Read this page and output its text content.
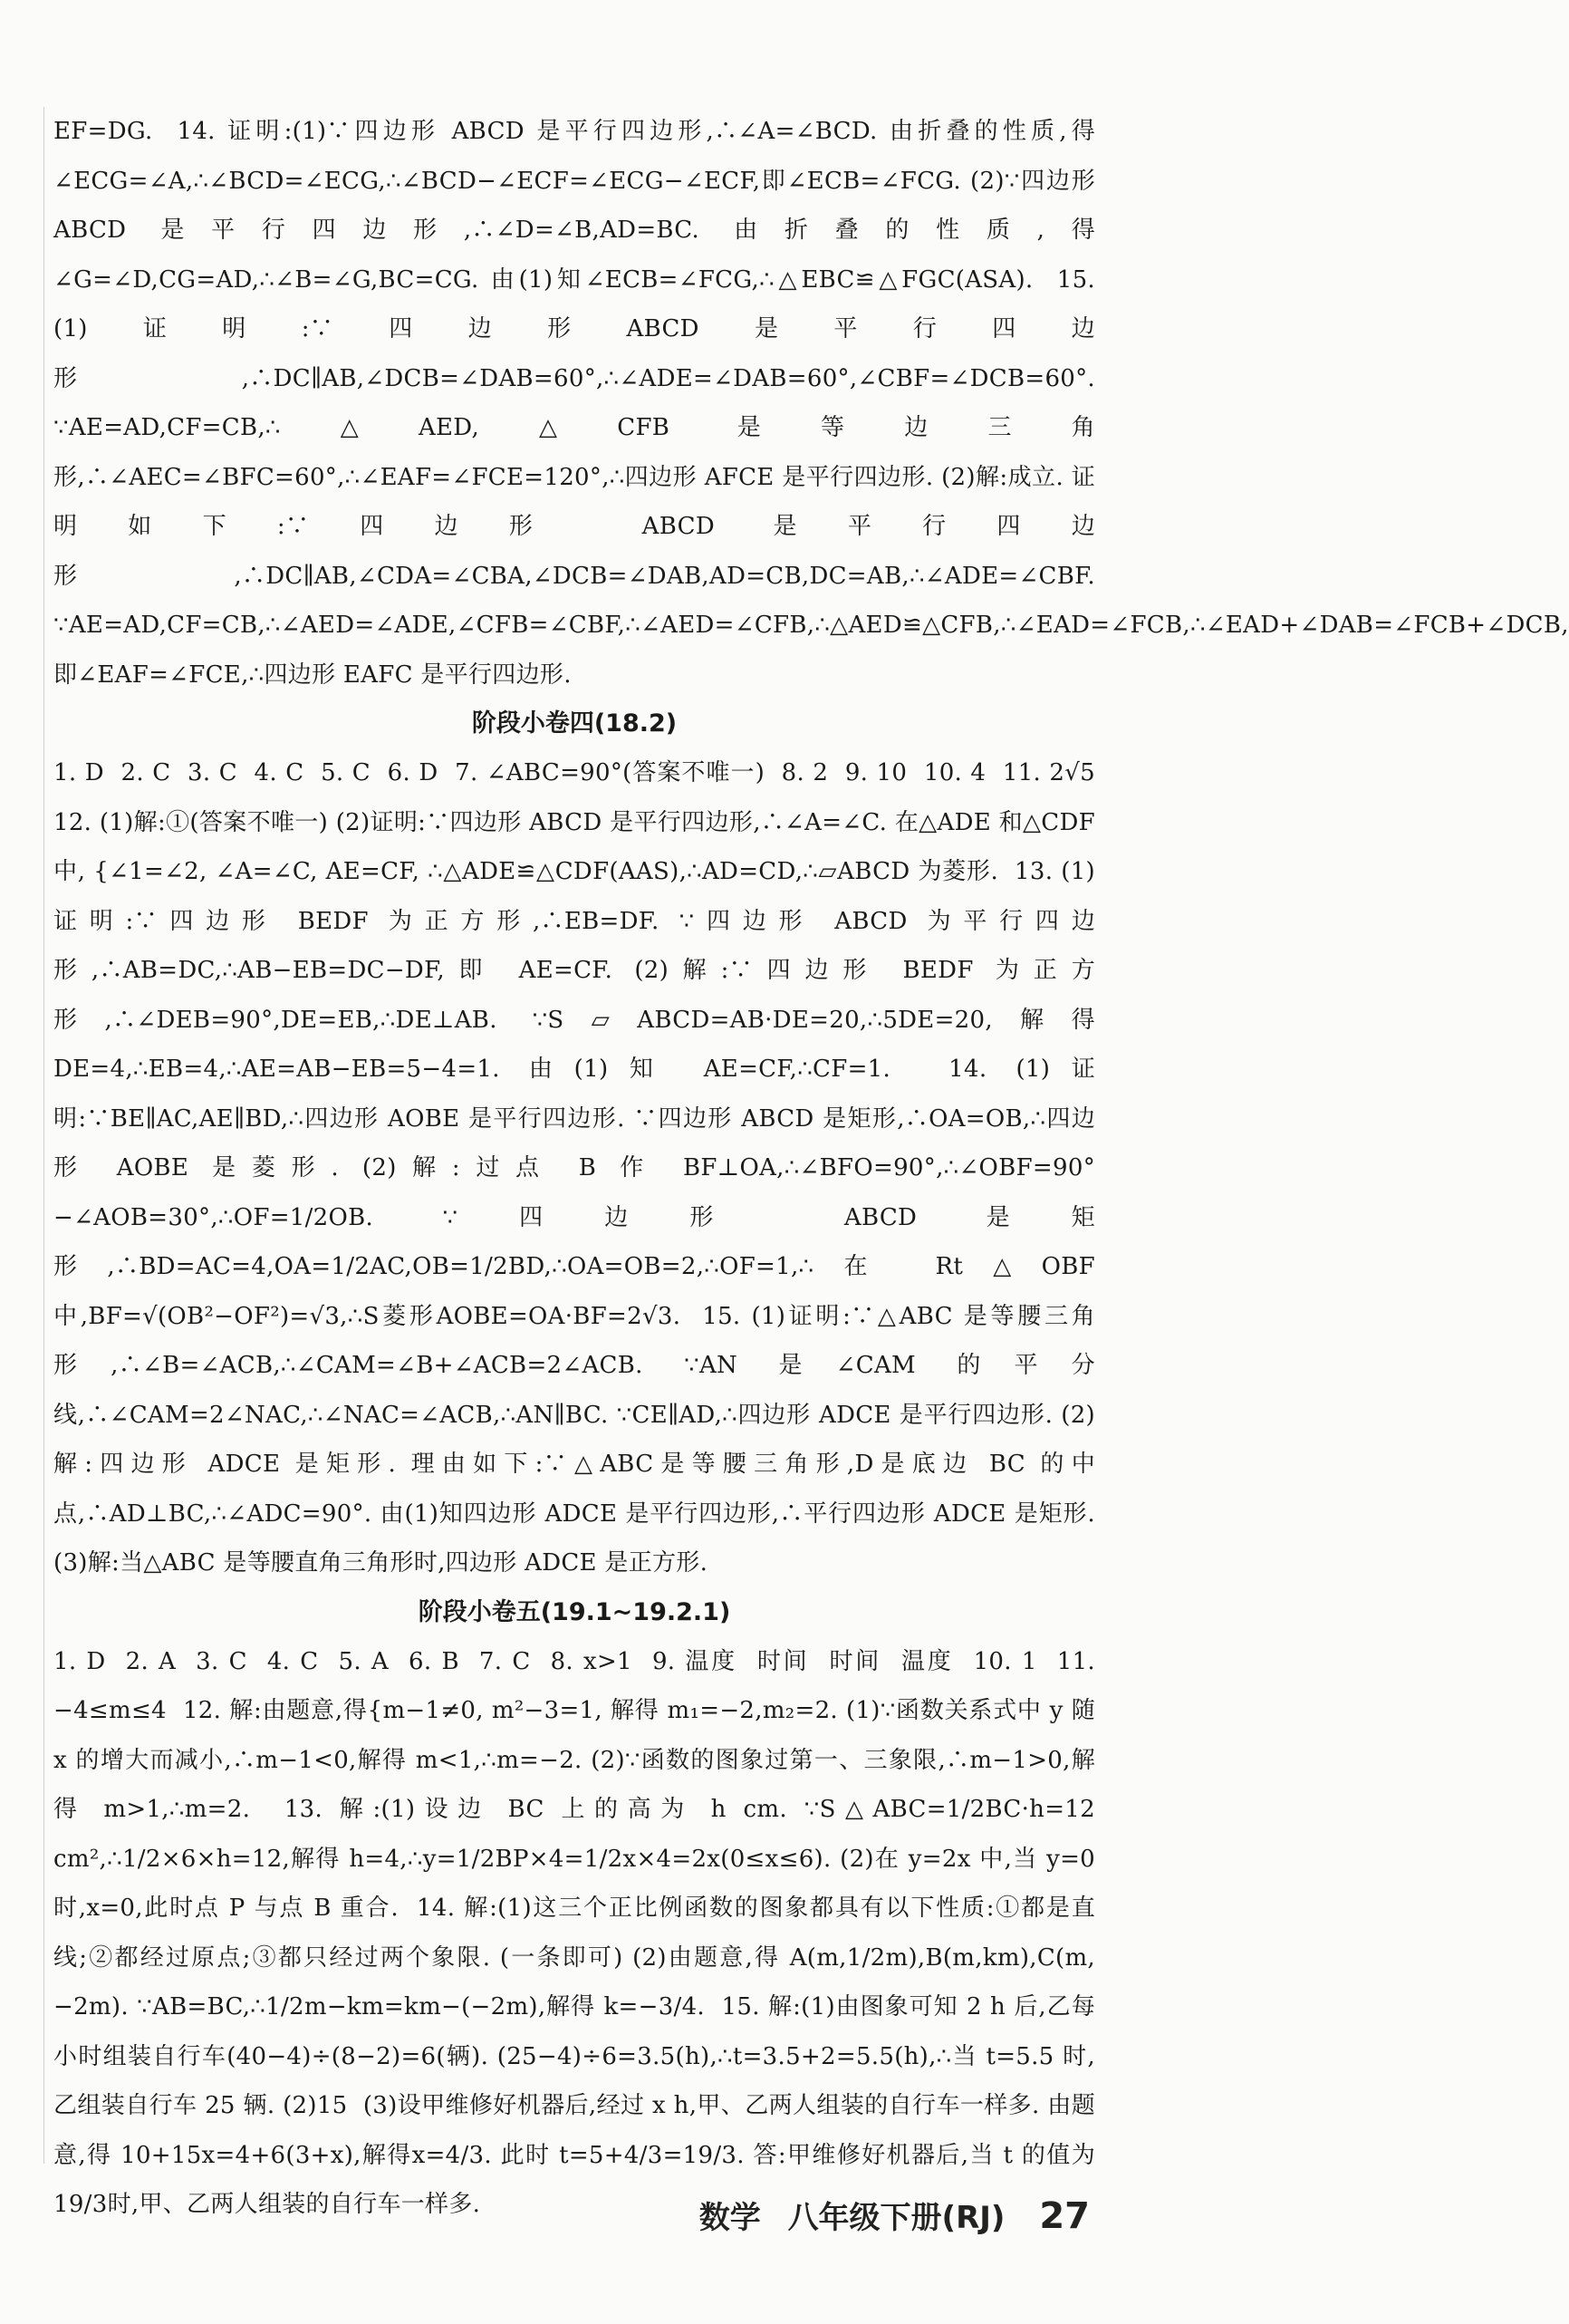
EF=DG.  14. 证明:(1)∵四边形 ABCD 是平行四边形,∴∠A=∠BCD. 由折叠的性质,得∠ECG=∠A,∴∠BCD=∠ECG,∴∠BCD−∠ECF=∠ECG−∠ECF,即∠ECB=∠FCG. (2)∵四边形 ABCD 是平行四边形,∴∠D=∠B,AD=BC. 由折叠的性质,得∠G=∠D,CG=AD,∴∠B=∠G,BC=CG. 由(1)知∠ECB=∠FCG,∴△EBC≌△FGC(ASA).  15. (1)证明:∵四边形ABCD是平行四边形,∴DC∥AB,∠DCB=∠DAB=60°,∴∠ADE=∠DAB=60°,∠CBF=∠DCB=60°. ∵AE=AD,CF=CB,∴△AED,△CFB 是等边三角形,∴∠AEC=∠BFC=60°,∴∠EAF=∠FCE=120°,∴四边形 AFCE 是平行四边形. (2)解:成立. 证明如下:∵四边形 ABCD 是平行四边形,∴DC∥AB,∠CDA=∠CBA,∠DCB=∠DAB,AD=CB,DC=AB,∴∠ADE=∠CBF. ∵AE=AD,CF=CB,∴∠AED=∠ADE,∠CFB=∠CBF,∴∠AED=∠CFB,∴△AED≌△CFB,∴∠EAD=∠FCB,∴∠EAD+∠DAB=∠FCB+∠DCB,即∠EAF=∠FCE,∴四边形 EAFC 是平行四边形.

阶段小卷四(18.2)

1. D  2. C  3. C  4. C  5. C  6. D  7. ∠ABC=90°(答案不唯一)  8. 2  9. 10  10. 4  11. 2√5  12. (1)解:①(答案不唯一) (2)证明:∵四边形 ABCD 是平行四边形,∴∠A=∠C. 在△ADE 和△CDF 中, {∠1=∠2, ∠A=∠C, AE=CF, ∴△ADE≌△CDF(AAS),∴AD=CD,∴▱ABCD 为菱形.  13. (1)证明:∵四边形 BEDF 为正方形,∴EB=DF. ∵四边形 ABCD 为平行四边形,∴AB=DC,∴AB−EB=DC−DF,即 AE=CF. (2)解:∵四边形 BEDF 为正方形,∴∠DEB=90°,DE=EB,∴DE⊥AB. ∵S▱ABCD=AB·DE=20,∴5DE=20,解得 DE=4,∴EB=4,∴AE=AB−EB=5−4=1. 由(1)知 AE=CF,∴CF=1.  14. (1)证明:∵BE∥AC,AE∥BD,∴四边形 AOBE 是平行四边形. ∵四边形 ABCD 是矩形,∴OA=OB,∴四边形 AOBE 是菱形. (2)解:过点 B 作 BF⊥OA,∴∠BFO=90°,∴∠OBF=90°−∠AOB=30°,∴OF=1/2OB. ∵四边形 ABCD 是矩形,∴BD=AC=4,OA=1/2AC,OB=1/2BD,∴OA=OB=2,∴OF=1,∴在 Rt△OBF 中,BF=√(OB²−OF²)=√3,∴S菱形AOBE=OA·BF=2√3.  15. (1)证明:∵△ABC 是等腰三角形,∴∠B=∠ACB,∴∠CAM=∠B+∠ACB=2∠ACB. ∵AN 是∠CAM 的平分线,∴∠CAM=2∠NAC,∴∠NAC=∠ACB,∴AN∥BC. ∵CE∥AD,∴四边形 ADCE 是平行四边形. (2)解:四边形 ADCE 是矩形. 理由如下:∵△ABC是等腰三角形,D是底边 BC 的中点,∴AD⊥BC,∴∠ADC=90°. 由(1)知四边形 ADCE 是平行四边形,∴平行四边形 ADCE 是矩形. (3)解:当△ABC 是等腰直角三角形时,四边形 ADCE 是正方形.

阶段小卷五(19.1~19.2.1)

1. D  2. A  3. C  4. C  5. A  6. B  7. C  8. x>1  9. 温度  时间  时间  温度  10. 1  11. −4≤m≤4  12. 解:由题意,得{m−1≠0, m²−3=1, 解得 m₁=−2,m₂=2. (1)∵函数关系式中 y 随 x 的增大而减小,∴m−1<0,解得 m<1,∴m=−2. (2)∵函数的图象过第一、三象限,∴m−1>0,解得 m>1,∴m=2.  13. 解:(1)设边 BC 上的高为 h cm. ∵S△ABC=1/2BC·h=12 cm²,∴1/2×6×h=12,解得 h=4,∴y=1/2BP×4=1/2x×4=2x(0≤x≤6). (2)在 y=2x 中,当 y=0 时,x=0,此时点 P 与点 B 重合.  14. 解:(1)这三个正比例函数的图象都具有以下性质:①都是直线;②都经过原点;③都只经过两个象限. (一条即可) (2)由题意,得 A(m,1/2m),B(m,km),C(m,−2m). ∵AB=BC,∴1/2m−km=km−(−2m),解得 k=−3/4.  15. 解:(1)由图象可知 2 h 后,乙每小时组装自行车(40−4)÷(8−2)=6(辆). (25−4)÷6=3.5(h),∴t=3.5+2=5.5(h),∴当 t=5.5 时,乙组装自行车 25 辆. (2)15  (3)设甲维修好机器后,经过 x h,甲、乙两人组装的自行车一样多. 由题意,得 10+15x=4+6(3+x),解得x=4/3. 此时 t=5+4/3=19/3. 答:甲维修好机器后,当 t 的值为19/3时,甲、乙两人组装的自行车一样多.	数学 八年级下册(RJ) 27
